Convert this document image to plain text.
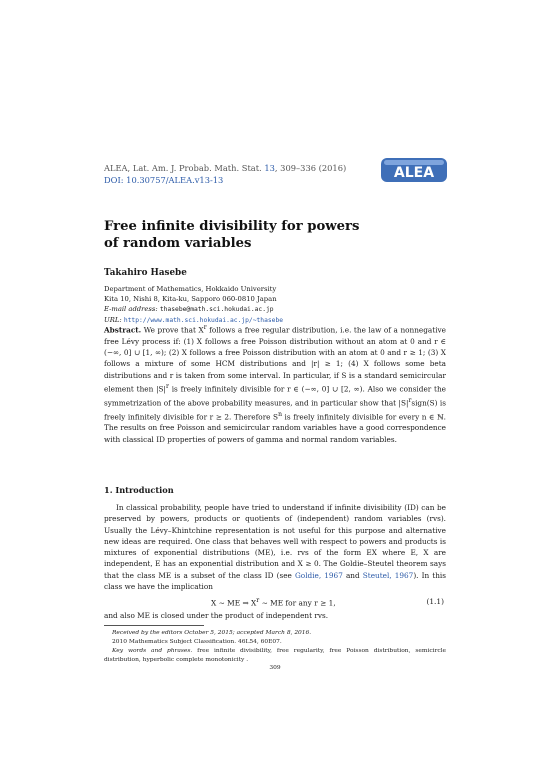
ALEA, Lat. Am. J. Probab. Math. Stat. 13, 309–336 (2016)
DOI: 10.30757/ALEA.v13-13	ALEA
Free infinite divisibility for powers
of random variables
Takahiro Hasebe
Department of Mathematics, Hokkaido University
Kita 10, Nishi 8, Kita-ku, Sapporo 060-0810 Japan
E-mail address: thasebe@math.sci.hokudai.ac.jp
URL: http://www.math.sci.hokudai.ac.jp/~thasebe
Abstract. We prove that $X^r$ follows a free regular distribution, i.e. the law of a nonnegative free Lévy process if: (1) X follows a free Poisson distribution without an atom at 0 and r ∈ (−∞, 0] ∪ [1, ∞); (2) X follows a free Poisson distribution with an atom at 0 and r ≥ 1; (3) X follows a mixture of some HCM distributions and |r| ≥ 1; (4) X follows some beta distributions and r is taken from some interval. In particular, if S is a standard semicircular element then $|S|^r$ is freely infinitely divisible for r ∈ (−∞, 0] ∪ [2, ∞). Also we consider the symmetrization of the above probability measures, and in particular show that $|S|^rsign(S)$ is freely infinitely divisible for r ≥ 2. Therefore $S^n$ is freely infinitely divisible for every n ∈ ℕ. The results on free Poisson and semicircular random variables have a good correspondence with classical ID properties of powers of gamma and normal random variables.
1. Introduction

In classical probability, people have tried to understand if infinite divisibility (ID) can be preserved by powers, products or quotients of (independent) random variables (rvs). Usually the Lévy–Khintchine representation is not useful for this purpose and alternative new ideas are required. One class that behaves well with respect to powers and products is mixtures of exponential distributions (ME), i.e. rvs of the form EX where E, X are independent, E has an exponential distribution and X ≥ 0. The Goldie–Steutel theorem says that the class ME is a subset of the class ID (see Goldie, 1967 and Steutel, 1967). In this class we have the implication

X ∼ ME ⇒ $X^r$ ∼ ME for any r ≥ 1,	(1.1)
and also ME is closed under the product of independent rvs.
Received by the editors October 5, 2015; accepted March 8, 2016.
2010 Mathematics Subject Classification. 46L54, 60E07.
Key words and phrases. free infinite divisibility, free regularity, free Poisson distribution, semicircle distribution, hyperbolic complete monotonicity .
309
